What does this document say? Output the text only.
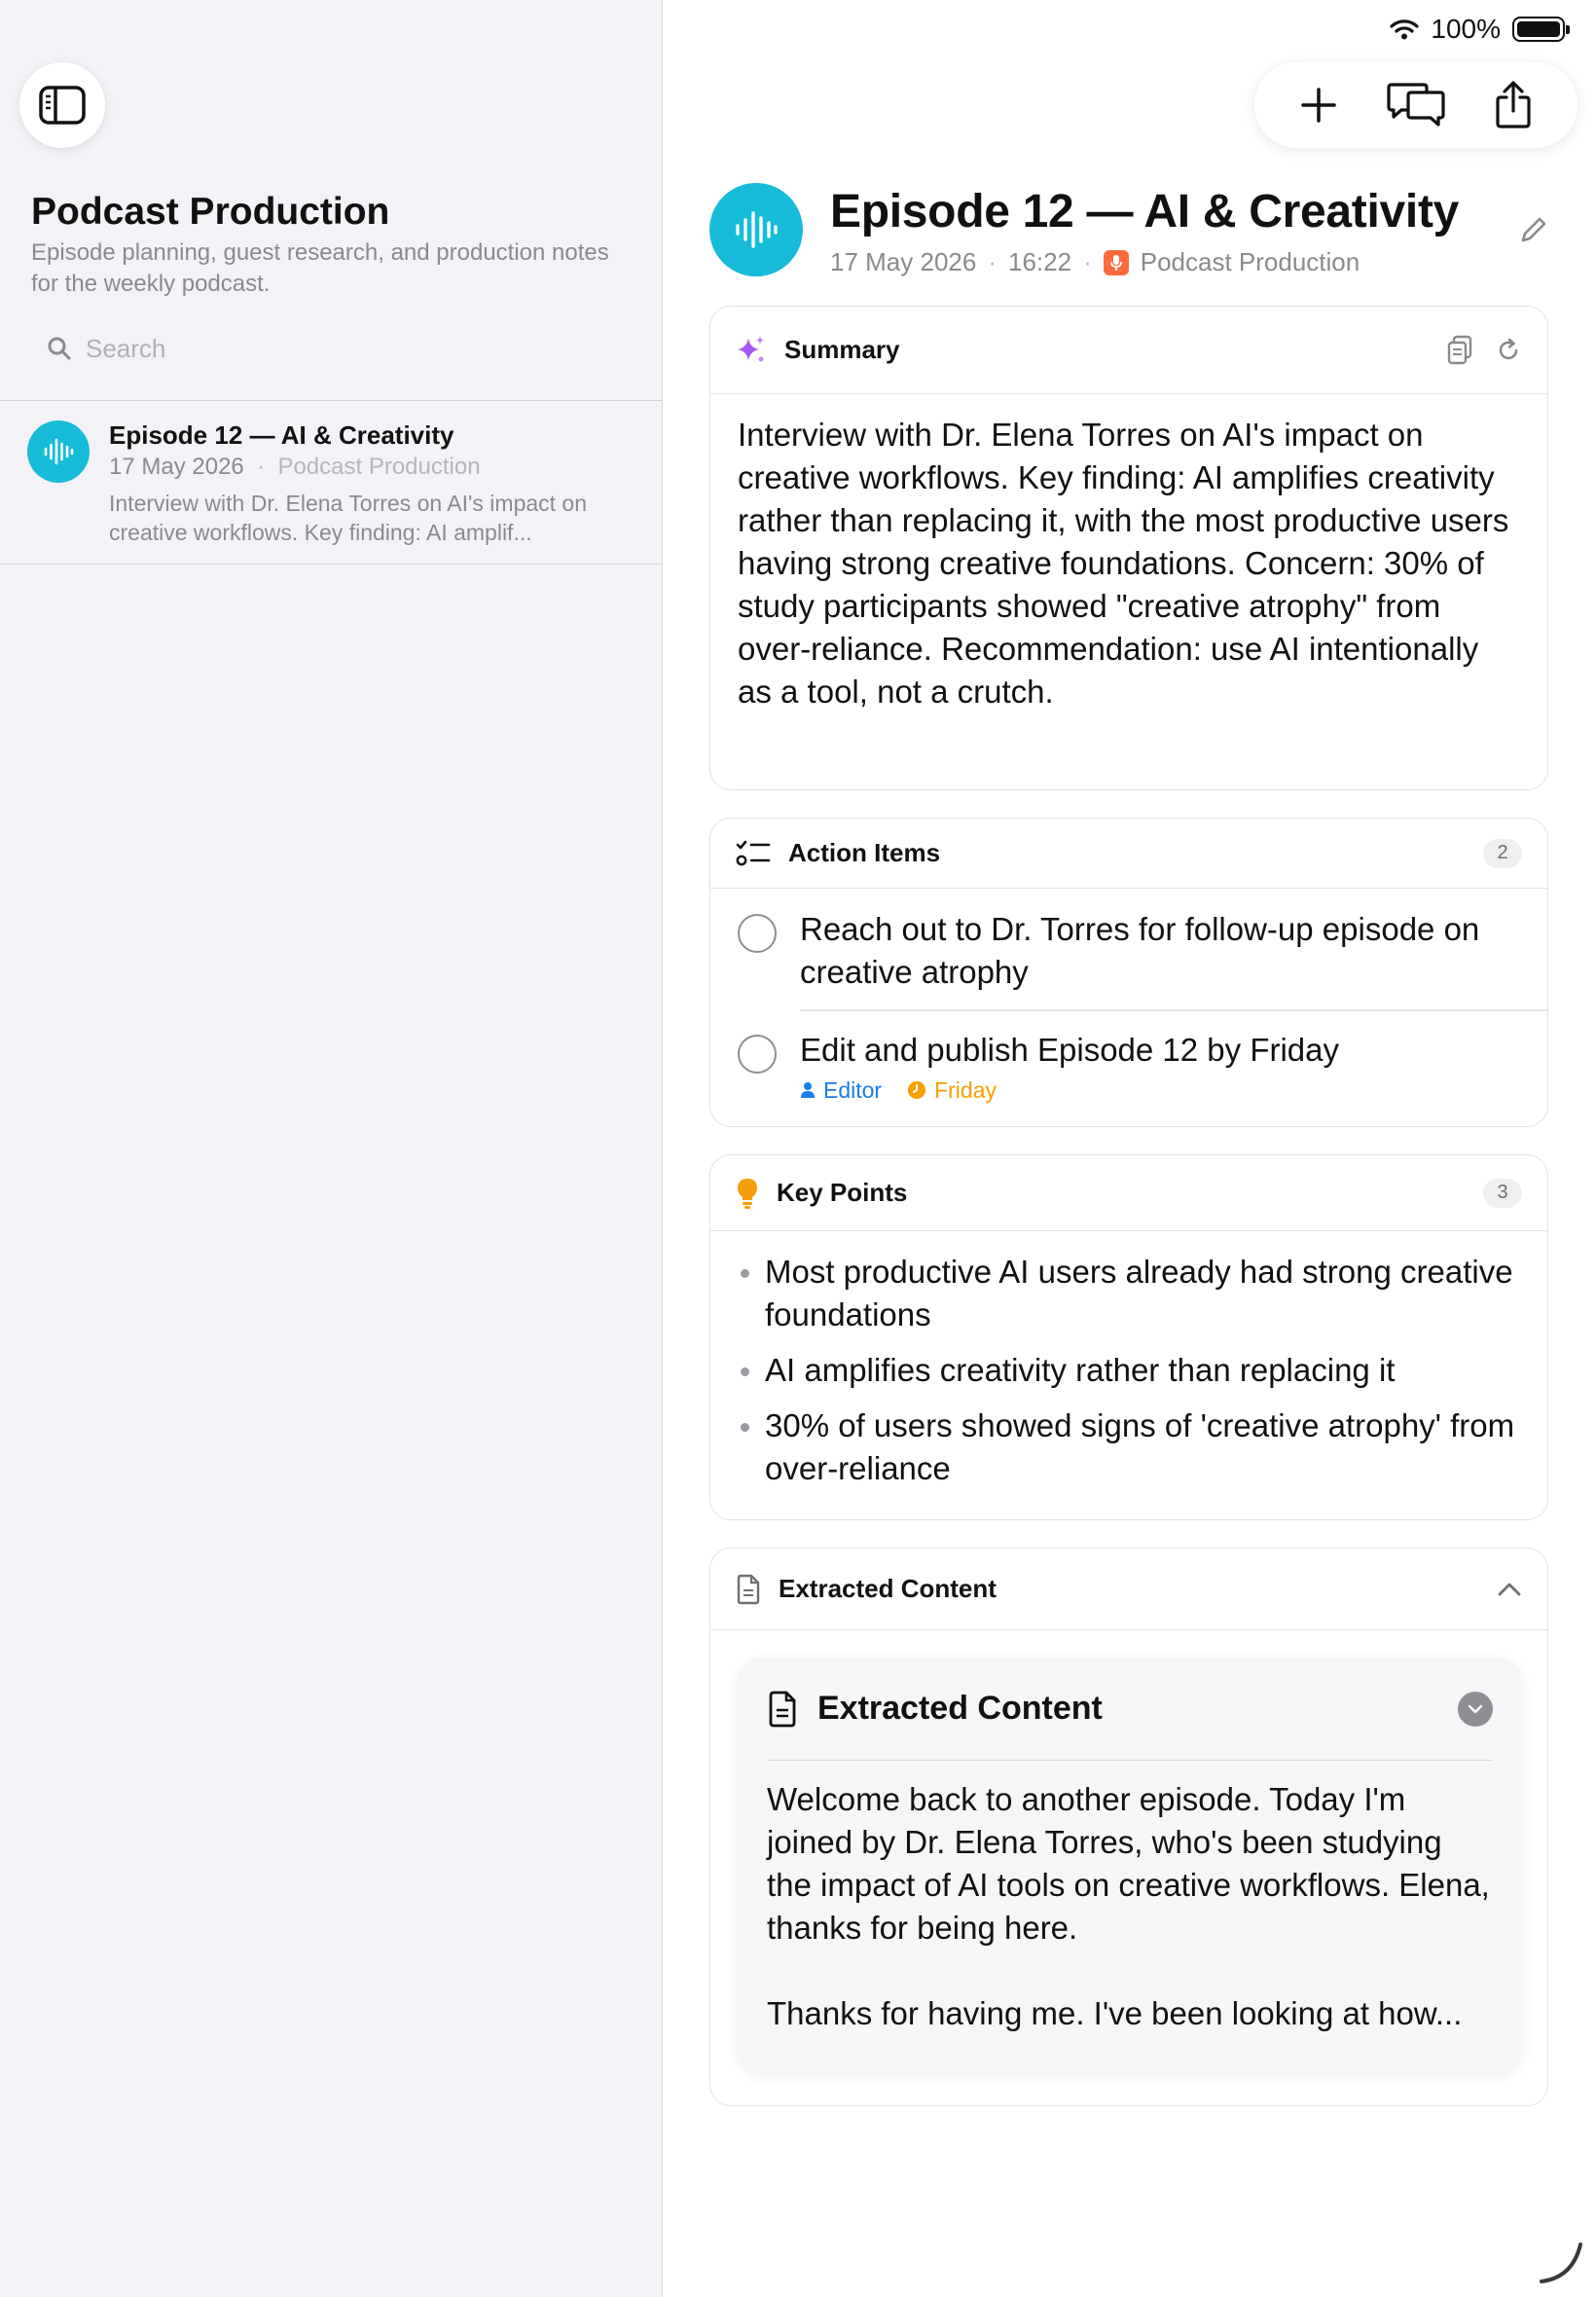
Podcast Production
Episode planning, guest research, and production notes for the weekly podcast.
Search
Episode 12 — AI & Creativity
17 May 2026  ·  Podcast Production
Interview with Dr. Elena Torres on AI's impact on creative workflows. Key finding: AI amplif...
100%
Episode 12 — AI & Creativity
17 May 2026 · 16:22 · Podcast Production
Summary
Interview with Dr. Elena Torres on AI's impact on creative workflows. Key finding: AI amplifies creativity rather than replacing it, with the most productive users having strong creative foundations. Concern: 30% of study participants showed "creative atrophy" from over-reliance. Recommendation: use AI intentionally as a tool, not a crutch.
Action Items	2
Reach out to Dr. Torres for follow-up episode on creative atrophy
Edit and publish Episode 12 by Friday
Editor Friday
Key Points	3
Most productive AI users already had strong creative foundations
AI amplifies creativity rather than replacing it
30% of users showed signs of 'creative atrophy' from over-reliance
Extracted Content
Extracted Content

Welcome back to another episode. Today I'm joined by Dr. Elena Torres, who's been studying the impact of AI tools on creative workflows. Elena, thanks for being here.

Thanks for having me. I've been looking at how...
